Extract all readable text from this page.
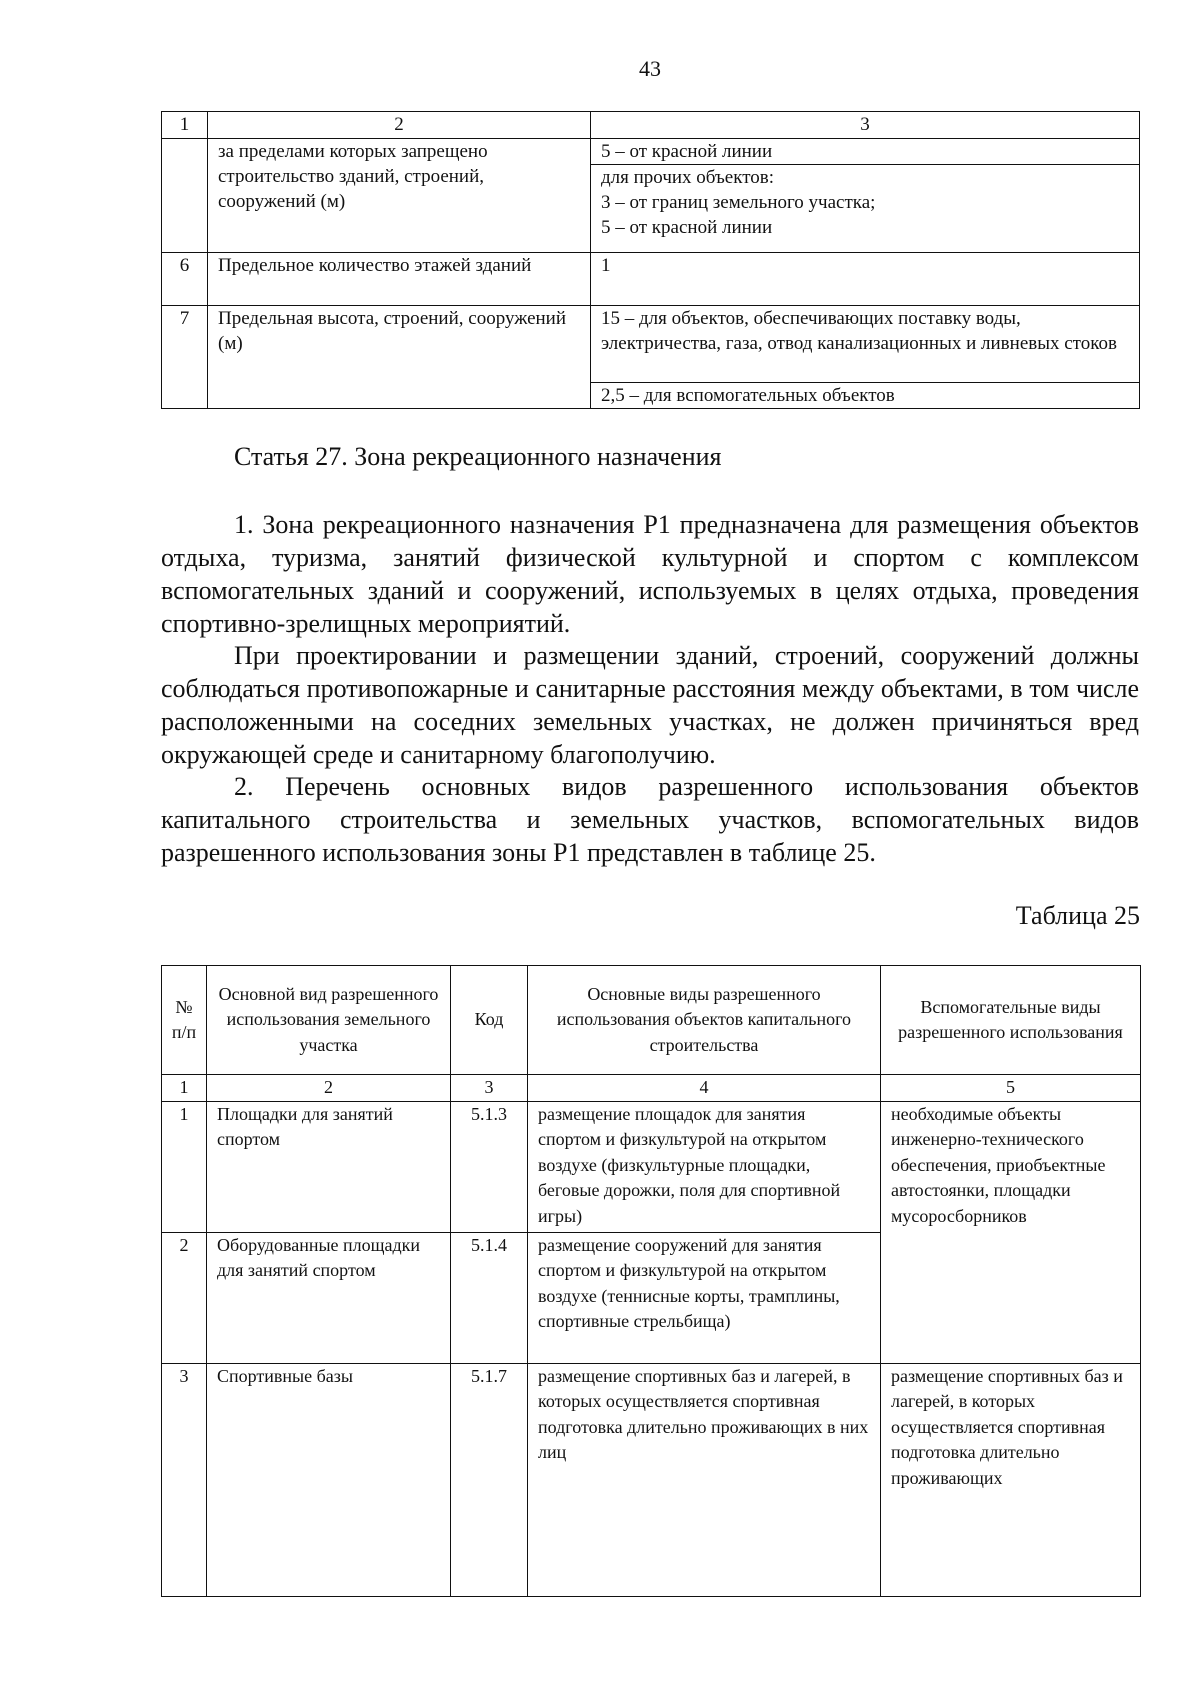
43
1	2	3
	за пределами которых запрещено строительство зданий, строений, сооружений (м)	5 – от красной линии
для прочих объектов:
3 – от границ земельного участка;
5 – от красной линии

6	Предельное количество этажей зданий	1
7	Предельная высота, строений, сооружений (м)	15 – для объектов, обеспечивающих поставку воды, электричества, газа, отвод канализационных и ливневых стоков
2,5 – для вспомогательных объектов
Статья 27. Зона рекреационного назначения

1. Зона рекреационного назначения Р1 предназначена для размещения объектов отдыха, туризма, занятий физической культурной и спортом с комплексом вспомогательных зданий и сооружений, используемых в целях отдыха, проведения спортивно-зрелищных мероприятий.

При проектировании и размещении зданий, строений, сооружений должны соблюдаться противопожарные и санитарные расстояния между объектами, в том числе расположенными на соседних земельных участках, не должен причиняться вред окружающей среде и санитарному благополучию.

2. Перечень основных видов разрешенного использования объектов капитального строительства и земельных участков, вспомогательных видов разрешенного использования зоны Р1 представлен в таблице 25.

Таблица 25
№
п/п	Основной вид разрешенного использования земельного участка	Код	Основные виды разрешенного использования объектов капитального строительства	Вспомогательные виды разрешенного использования
1	2	3	4	5
1	Площадки для занятий спортом	5.1.3	размещение площадок для занятия спортом и физкультурой на открытом воздухе (физкультурные площадки, беговые дорожки, поля для спортивной игры)	необходимые объекты инженерно-технического обеспечения, приобъектные автостоянки, площадки мусоросборников
2	Оборудованные площадки для занятий спортом	5.1.4	размещение сооружений для занятия спортом и физкультурой на открытом воздухе (теннисные корты, трамплины, спортивные стрельбища)	
3	Спортивные базы	5.1.7	размещение спортивных баз и лагерей, в которых осуществляется спортивная подготовка длительно проживающих в них лиц	размещение спортивных баз и лагерей, в которых осуществляется спортивная подготовка длительно проживающих
